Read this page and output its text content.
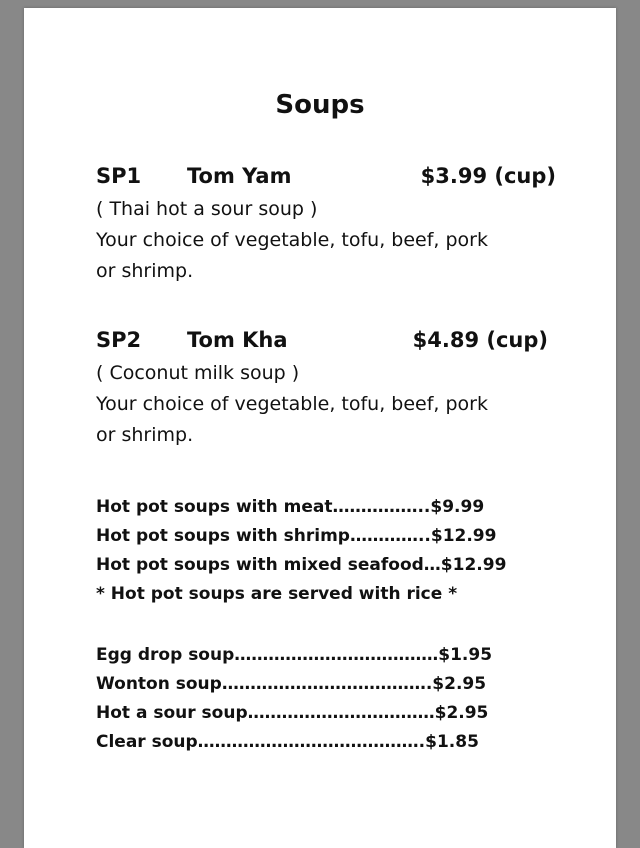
Soups
SP1 Tom Yam	$3.99 (cup)
( Thai hot a sour soup )
Your choice of vegetable, tofu, beef, pork
or shrimp.
SP2 Tom Kha	$4.89 (cup)
( Coconut milk soup )
Your choice of vegetable, tofu, beef, pork
or shrimp.
Hot pot soups with meat……………..$9.99
Hot pot soups with shrimp…………..$12.99
Hot pot soups with mixed seafood…$12.99
* Hot pot soups are served with rice *
Egg drop soup………………………………$1.95
Wonton soup……………………………….$2.95
Hot a sour soup……………………………$2.95
Clear soup………………………………….$1.85
